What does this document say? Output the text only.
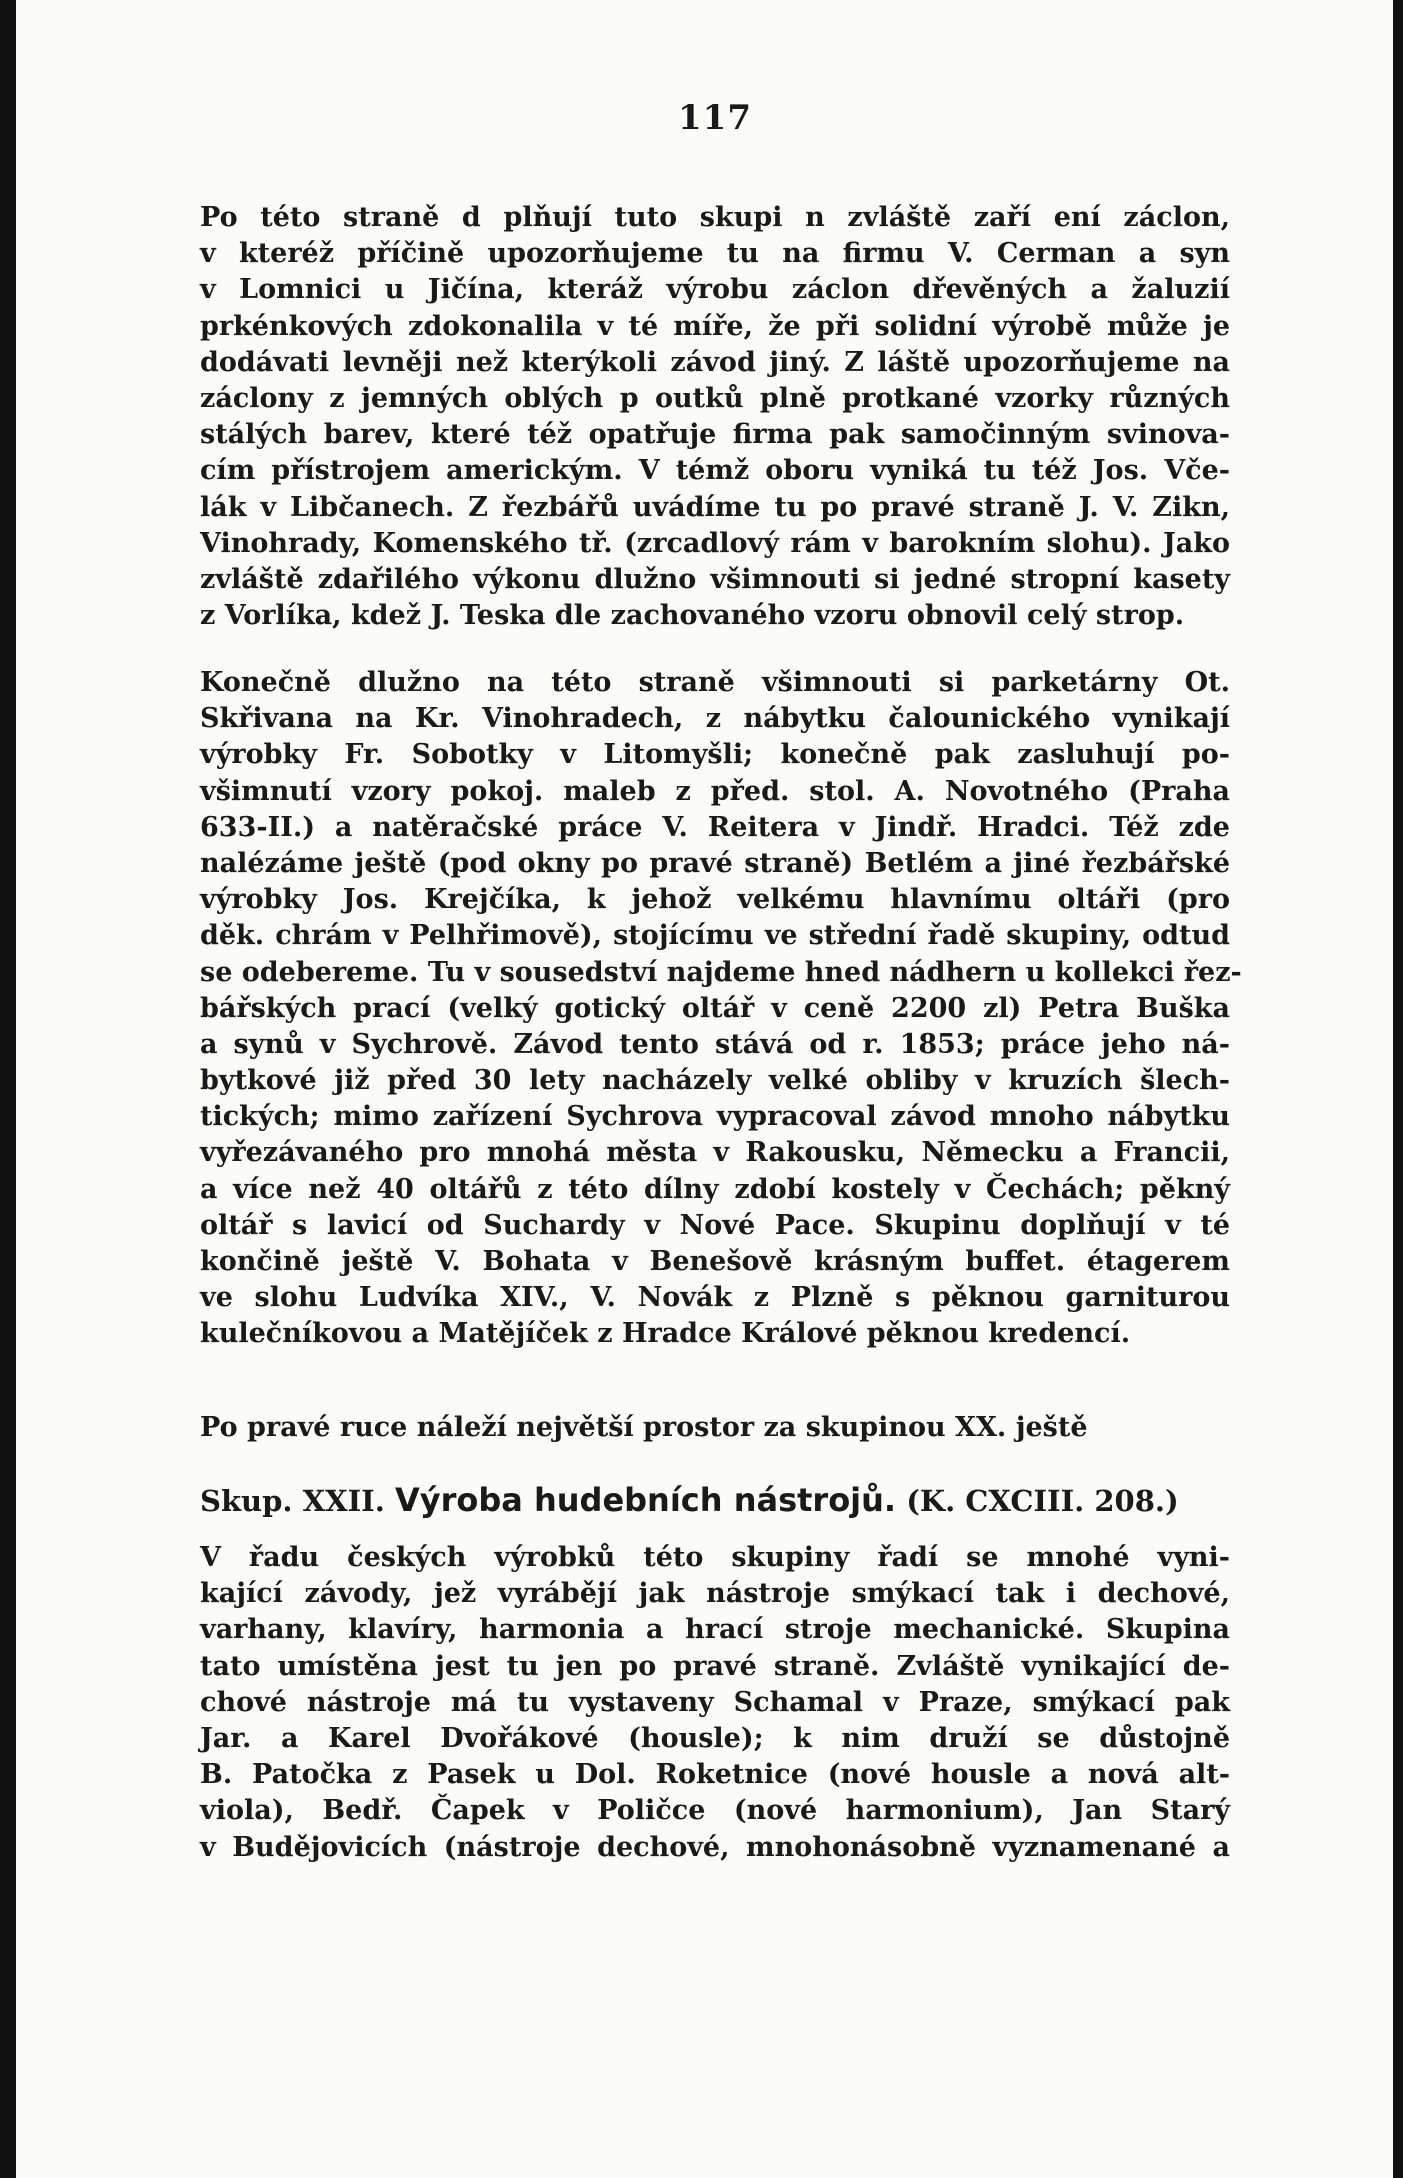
117
Po této straně d plňují tuto skupi n zvláště zaří ení záclon,
v kteréž příčině upozorňujeme tu na firmu V. Cerman a syn
v Lomnici u Jičína, kteráž výrobu záclon dřevěných a žaluzií
prkénkových zdokonalila v té míře, že při solidní výrobě může je
dodávati levněji než kterýkoli závod jiný. Z láště upozorňujeme na
záclony z jemných oblých p outků plně protkané vzorky různých
stálých barev, které též opatřuje firma pak samočinným svinova-
cím přístrojem americkým. V témž oboru vyniká tu též Jos. Vče-
lák v Libčanech. Z řezbářů uvádíme tu po pravé straně J. V. Zikn,
Vinohrady, Komenského tř. (zrcadlový rám v barokním slohu). Jako
zvláště zdařilého výkonu dlužno všimnouti si jedné stropní kasety
z Vorlíka, kdež J. Teska dle zachovaného vzoru obnovil celý strop.
Konečně dlužno na této straně všimnouti si parketárny Ot.
Skřivana na Kr. Vinohradech, z nábytku čalounického vynikají
výrobky Fr. Sobotky v Litomyšli; konečně pak zasluhují po-
všimnutí vzory pokoj. maleb z před. stol. A. Novotného (Praha
633-II.) a natěračské práce V. Reitera v Jindř. Hradci. Též zde
nalézáme ještě (pod okny po pravé straně) Betlém a jiné řezbářské
výrobky Jos. Krejčíka, k jehož velkému hlavnímu oltáři (pro
děk. chrám v Pelhřimově), stojícímu ve střední řadě skupiny, odtud
se odebereme. Tu v sousedství najdeme hned nádhern u kollekci řez-
bářských prací (velký gotický oltář v ceně 2200 zl) Petra Buška
a synů v Sychrově. Závod tento stává od r. 1853; práce jeho ná-
bytkové již před 30 lety nacházely velké obliby v kruzích šlech-
tických; mimo zařízení Sychrova vypracoval závod mnoho nábytku
vyřezávaného pro mnohá města v Rakousku, Německu a Francii,
a více než 40 oltářů z této dílny zdobí kostely v Čechách; pěkný
oltář s lavicí od Suchardy v Nové Pace. Skupinu doplňují v té
končině ještě V. Bohata v Benešově krásným buffet. étagerem
ve slohu Ludvíka XIV., V. Novák z Plzně s pěknou garniturou
kulečníkovou a Matějíček z Hradce Králové pěknou kredencí.
Po pravé ruce náleží největší prostor za skupinou XX. ještě
Skup. XXII. Výroba hudebních nástrojů. (K. CXCIII. 208.)
V řadu českých výrobků této skupiny řadí se mnohé vyni-
kající závody, jež vyrábějí jak nástroje smýkací tak i dechové,
varhany, klavíry, harmonia a hrací stroje mechanické. Skupina
tato umístěna jest tu jen po pravé straně. Zvláště vynikající de-
chové nástroje má tu vystaveny Schamal v Praze, smýkací pak
Jar. a Karel Dvořákové (housle); k nim druží se důstojně
B. Patočka z Pasek u Dol. Roketnice (nové housle a nová alt-
viola), Bedř. Čapek v Poličce (nové harmonium), Jan Starý
v Budějovicích (nástroje dechové, mnohonásobně vyznamenané a
